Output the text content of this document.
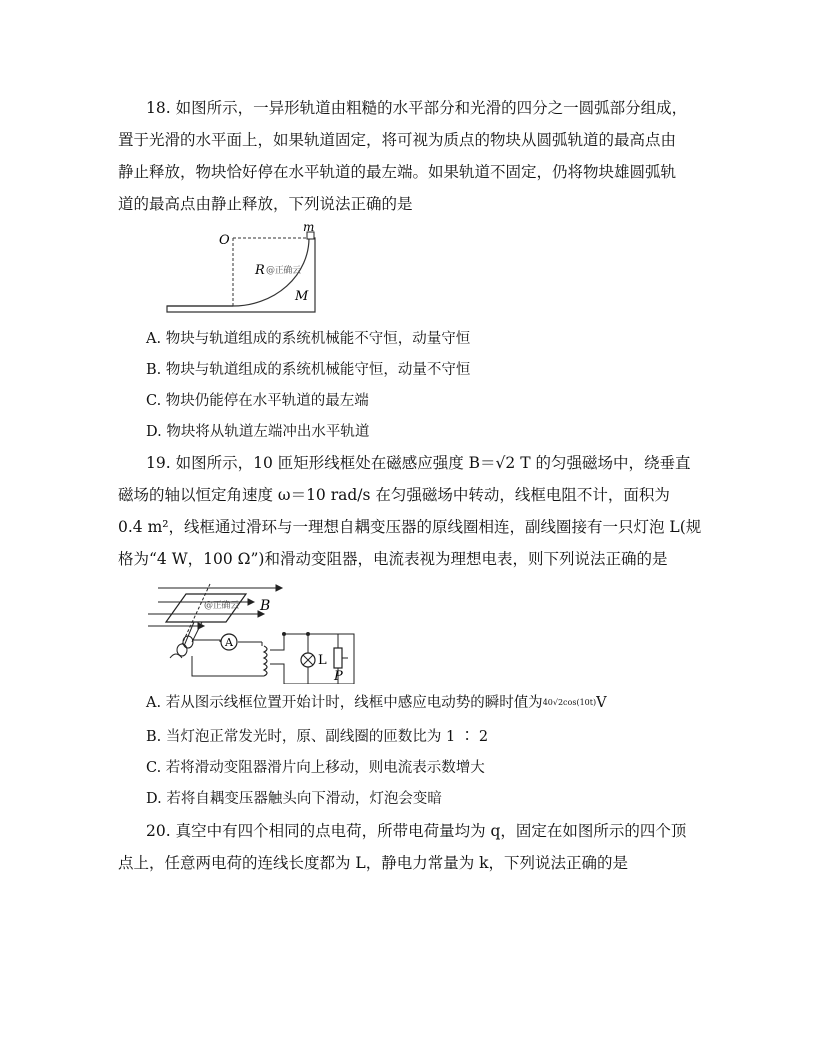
18. 如图所示，一异形轨道由粗糙的水平部分和光滑的四分之一圆弧部分组成，
置于光滑的水平面上，如果轨道固定，将可视为质点的物块从圆弧轨道的最高点由
静止释放，物块恰好停在水平轨道的最左端。如果轨道不固定，仍将物块雄圆弧轨
道的最高点由静止释放，下列说法正确的是
O
m
R @正确云
M
A. 物块与轨道组成的系统机械能不守恒，动量守恒
B. 物块与轨道组成的系统机械能守恒，动量不守恒
C. 物块仍能停在水平轨道的最左端
D. 物块将从轨道左端冲出水平轨道
19. 如图所示，10 匝矩形线框处在磁感应强度 B＝√2 T 的匀强磁场中，绕垂直
磁场的轴以恒定角速度 ω＝10 rad/s 在匀强磁场中转动，线框电阻不计，面积为
0.4 m²，线框通过滑环与一理想自耦变压器的原线圈相连，副线圈接有一只灯泡 L(规
格为“4 W，100 Ω”)和滑动变阻器，电流表视为理想电表，则下列说法正确的是
A
L
P
B
@正确云
A. 若从图示线框位置开始计时，线框中感应电动势的瞬时值为40√2cos(10t)V
B. 当灯泡正常发光时，原、副线圈的匝数比为 1 ∶ 2
C. 若将滑动变阻器滑片向上移动，则电流表示数增大
D. 若将自耦变压器触头向下滑动，灯泡会变暗
20. 真空中有四个相同的点电荷，所带电荷量均为 q，固定在如图所示的四个顶
点上，任意两电荷的连线长度都为 L，静电力常量为 k，下列说法正确的是
